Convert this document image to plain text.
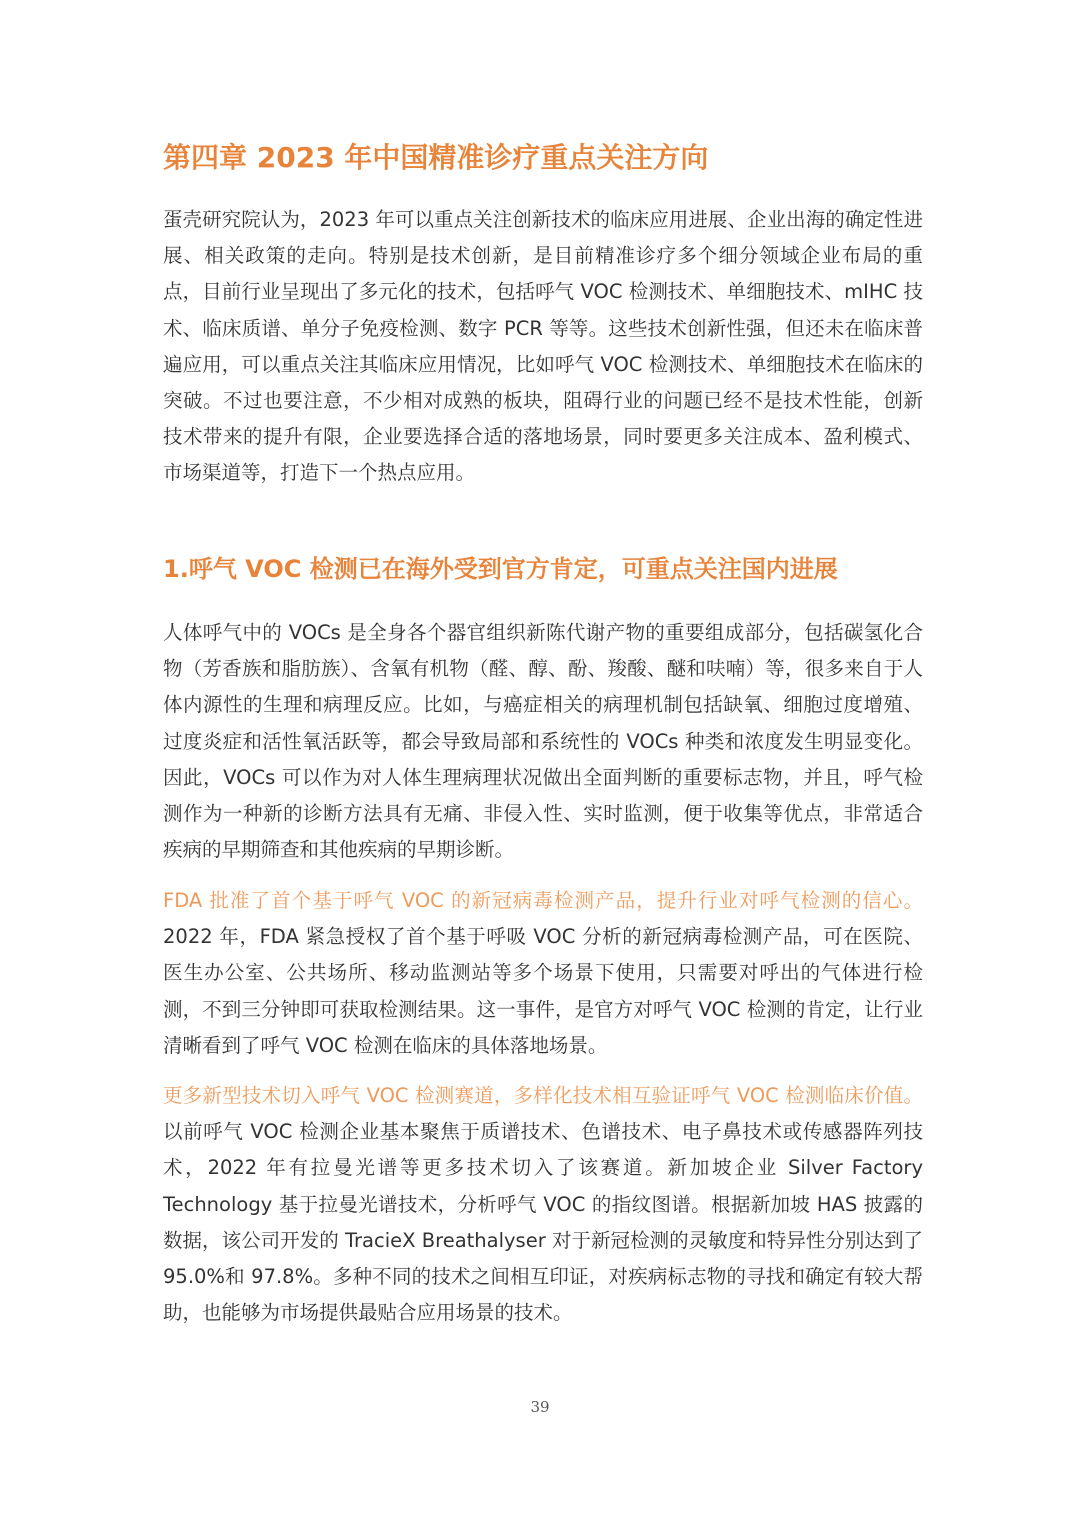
第四章 2023 年中国精准诊疗重点关注方向

蛋壳研究院认为，2023 年可以重点关注创新技术的临床应用进展、企业出海的确定性进展、相关政策的走向。特别是技术创新，是目前精准诊疗多个细分领域企业布局的重点，目前行业呈现出了多元化的技术，包括呼气 VOC 检测技术、单细胞技术、mIHC 技术、临床质谱、单分子免疫检测、数字 PCR 等等。这些技术创新性强，但还未在临床普遍应用，可以重点关注其临床应用情况，比如呼气 VOC 检测技术、单细胞技术在临床的突破。不过也要注意，不少相对成熟的板块，阻碍行业的问题已经不是技术性能，创新技术带来的提升有限，企业要选择合适的落地场景，同时要更多关注成本、盈利模式、市场渠道等，打造下一个热点应用。

1.呼气 VOC 检测已在海外受到官方肯定，可重点关注国内进展

人体呼气中的 VOCs 是全身各个器官组织新陈代谢产物的重要组成部分，包括碳氢化合物（芳香族和脂肪族）、含氧有机物（醛、醇、酚、羧酸、醚和呋喃）等，很多来自于人体内源性的生理和病理反应。比如，与癌症相关的病理机制包括缺氧、细胞过度增殖、过度炎症和活性氧活跃等，都会导致局部和系统性的 VOCs 种类和浓度发生明显变化。因此，VOCs 可以作为对人体生理病理状况做出全面判断的重要标志物，并且，呼气检测作为一种新的诊断方法具有无痛、非侵入性、实时监测，便于收集等优点，非常适合疾病的早期筛查和其他疾病的早期诊断。

FDA 批准了首个基于呼气 VOC 的新冠病毒检测产品，提升行业对呼气检测的信心。2022 年，FDA 紧急授权了首个基于呼吸 VOC 分析的新冠病毒检测产品，可在医院、医生办公室、公共场所、移动监测站等多个场景下使用，只需要对呼出的气体进行检测，不到三分钟即可获取检测结果。这一事件，是官方对呼气 VOC 检测的肯定，让行业清晰看到了呼气 VOC 检测在临床的具体落地场景。

更多新型技术切入呼气 VOC 检测赛道，多样化技术相互验证呼气 VOC 检测临床价值。以前呼气 VOC 检测企业基本聚焦于质谱技术、色谱技术、电子鼻技术或传感器阵列技术，2022 年有拉曼光谱等更多技术切入了该赛道。新加坡企业 Silver Factory Technology 基于拉曼光谱技术，分析呼气 VOC 的指纹图谱。根据新加坡 HAS 披露的数据，该公司开发的 TracieX Breathalyser 对于新冠检测的灵敏度和特异性分别达到了 95.0%和 97.8%。多种不同的技术之间相互印证，对疾病标志物的寻找和确定有较大帮助，也能够为市场提供最贴合应用场景的技术。

39
